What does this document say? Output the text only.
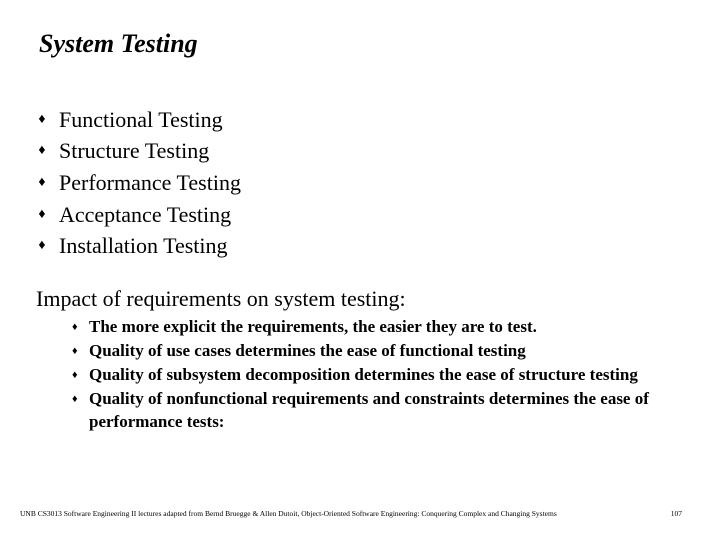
System Testing
♦ Functional Testing
♦ Structure Testing
♦ Performance Testing
♦ Acceptance Testing
♦ Installation Testing
Impact of requirements on system testing:
♦ The more explicit the requirements, the easier they are to test.
♦ Quality of use cases determines the ease of functional testing
♦ Quality of subsystem decomposition determines the ease of structure testing
♦ Quality of nonfunctional requirements and constraints determines the ease of performance tests:
UNB CS3013 Software Engineering II lectures adapted from Bernd Bruegge & Allen Dutoit, Object-Oriented Software Engineering: Conquering Complex and Changing Systems	107
